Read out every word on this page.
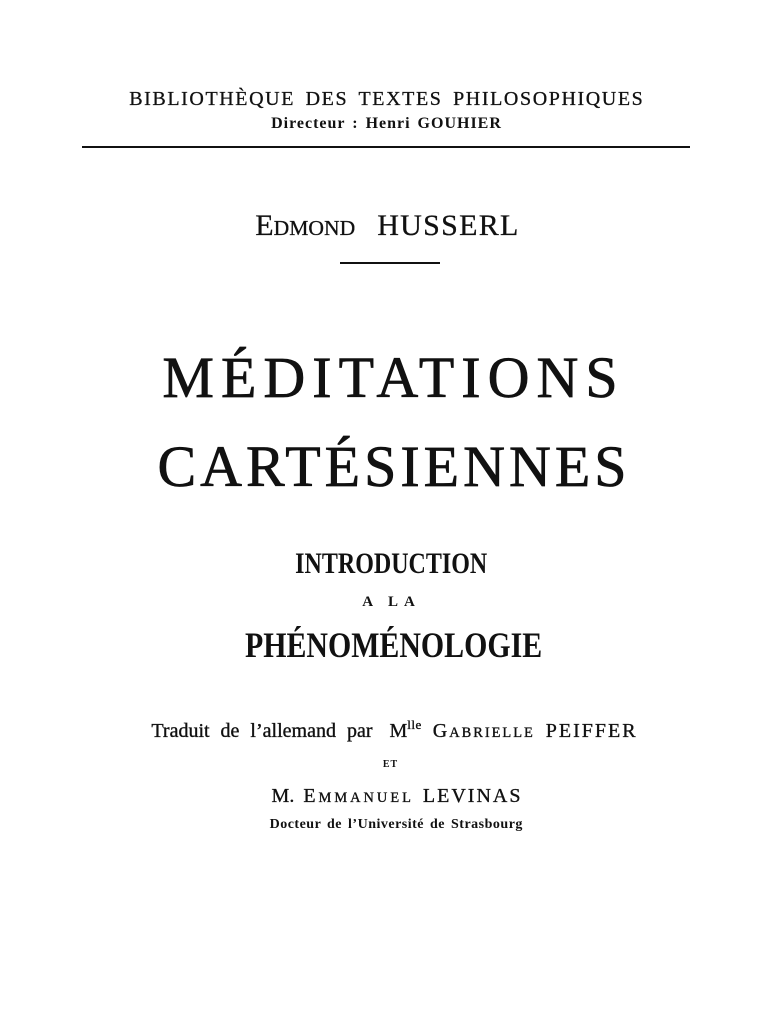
BIBLIOTHÈQUE DES TEXTES PHILOSOPHIQUES
Directeur : Henri GOUHIER
EDMOND HUSSERL
MÉDITATIONS
CARTÉSIENNES
INTRODUCTION
A LA
PHÉNOMÉNOLOGIE
Traduit de l’allemand par $M^{lle}$ GABRIELLE PEIFFER
ET
M. EMMANUEL LEVINAS
Docteur de l’Université de Strasbourg
